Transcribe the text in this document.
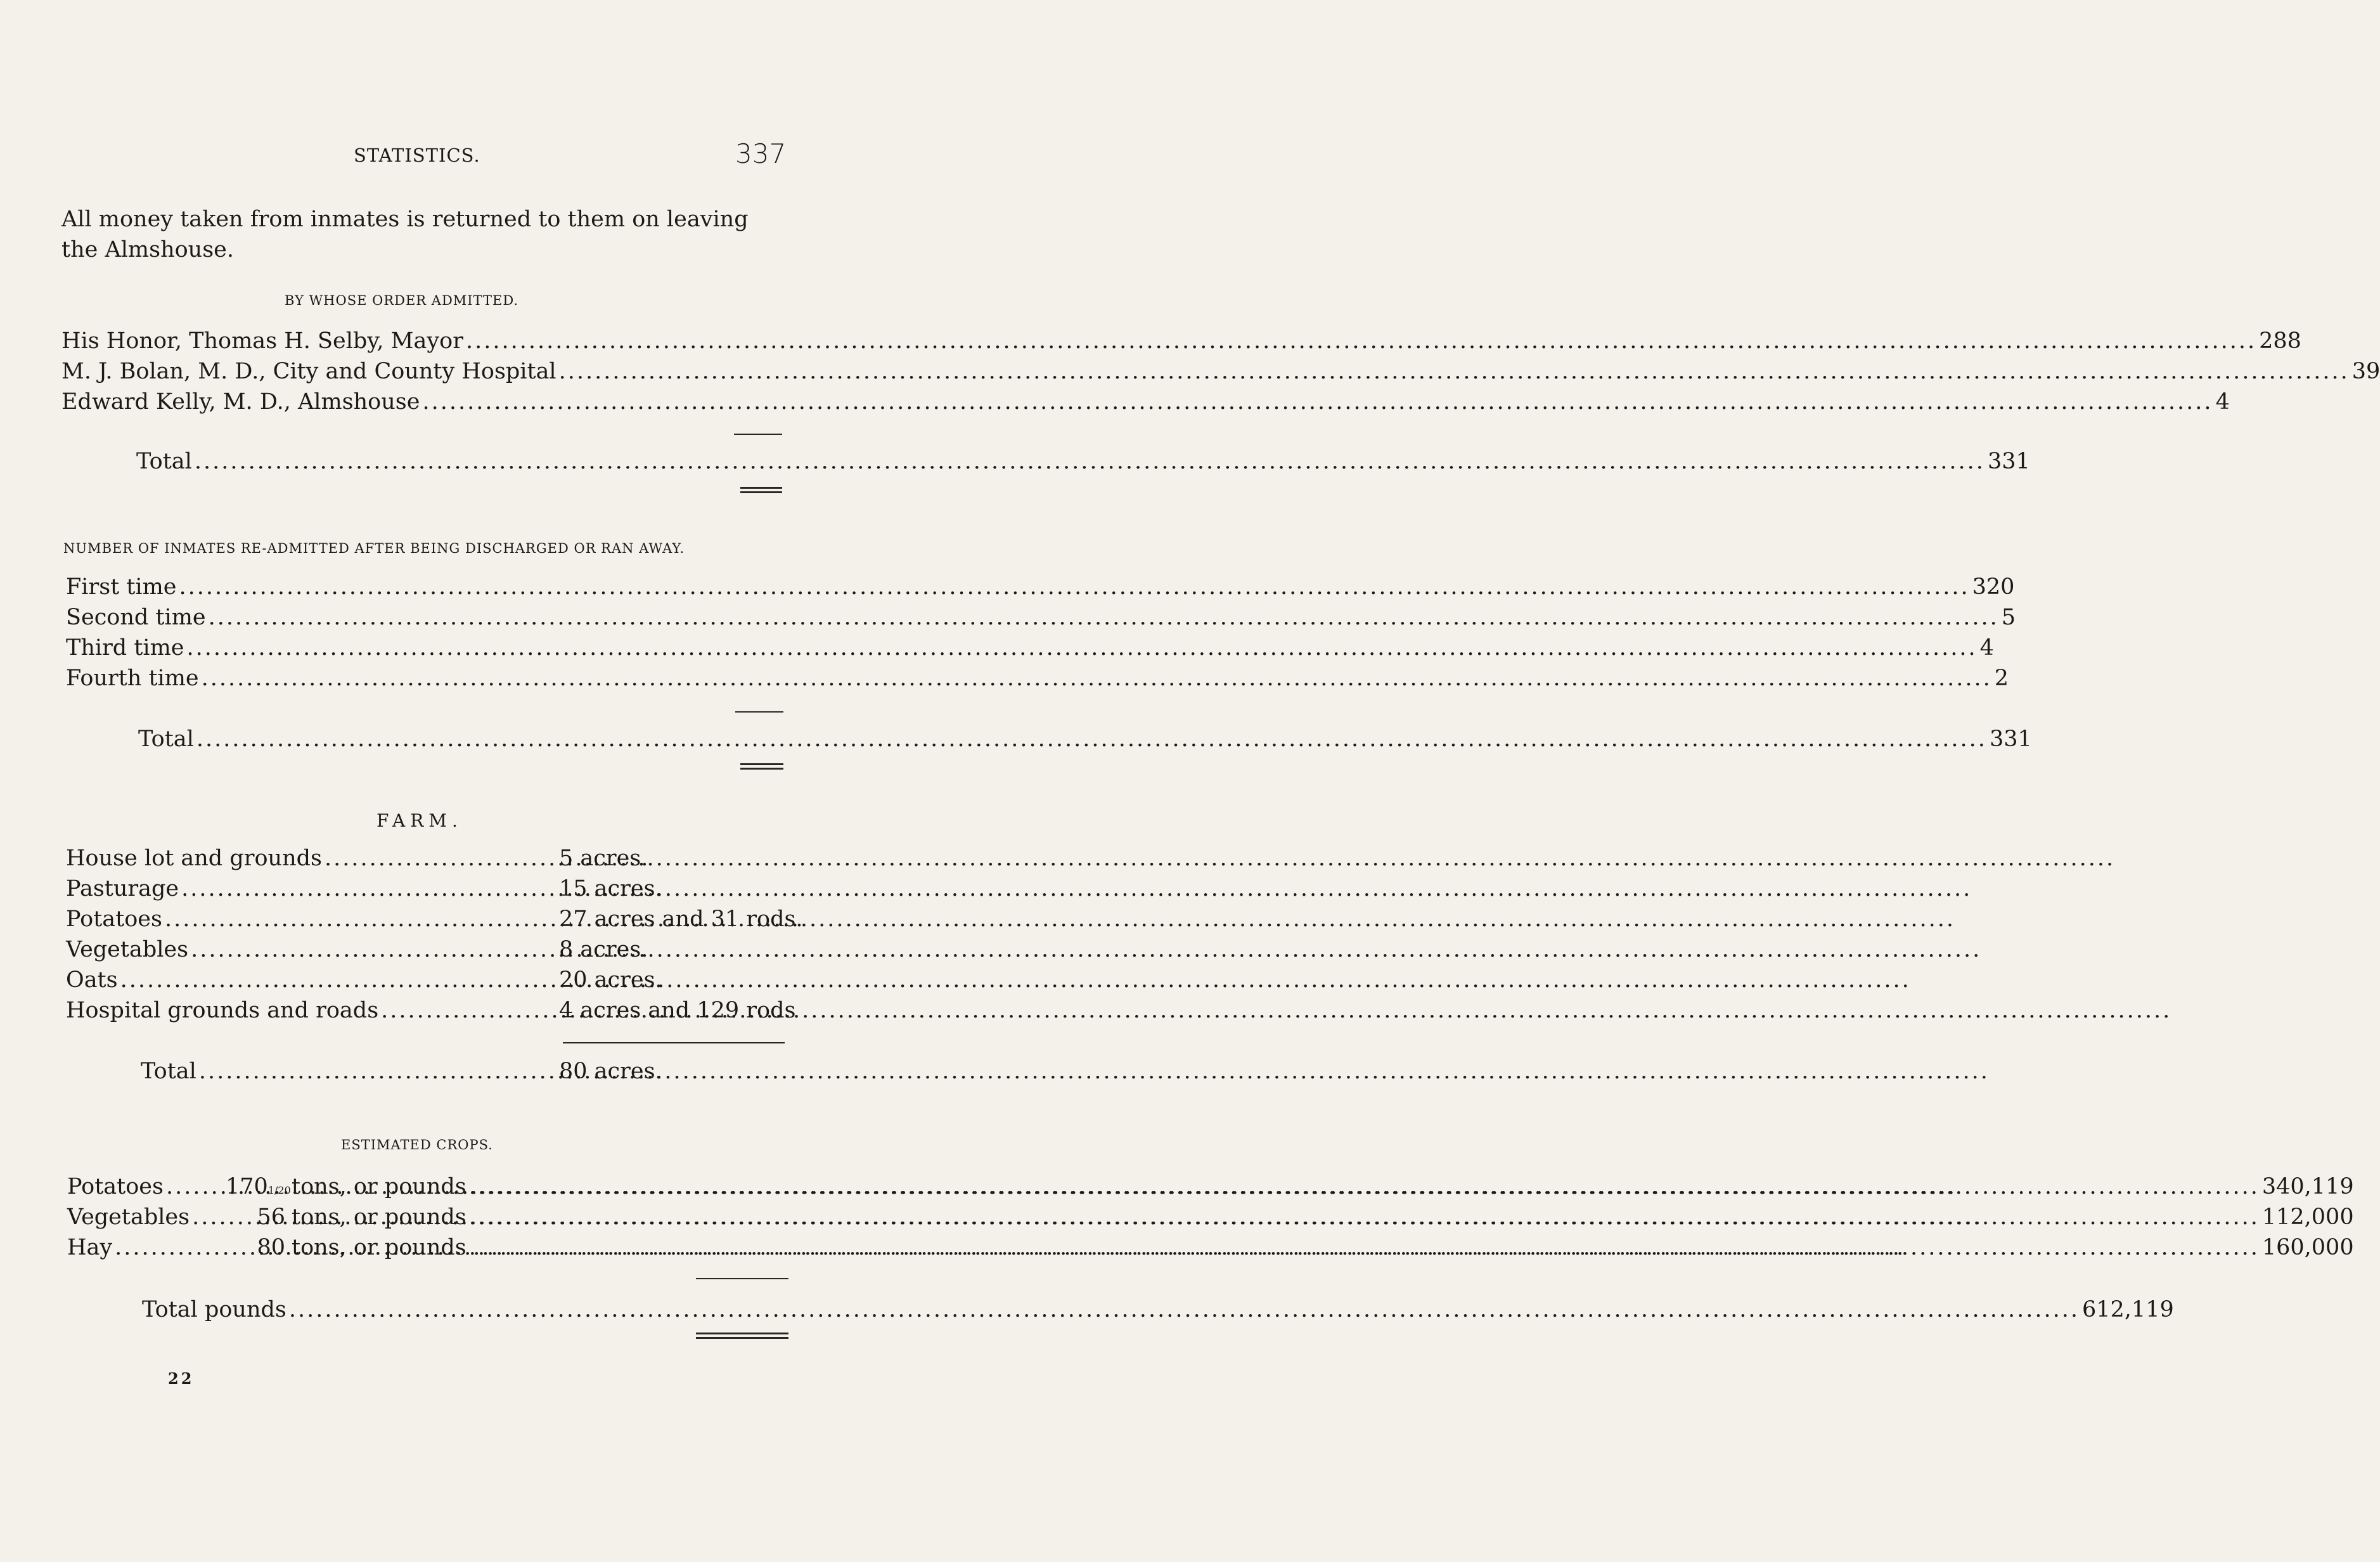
STATISTICS.	337
All money taken from inmates is returned to them on leaving
the Almshouse.
BY WHOSE ORDER ADMITTED.
His Honor, Thomas H. Selby, Mayor .....	288
M. J. Bolan, M. D., City and County Hospital .....	39
Edward Kelly, M. D., Almshouse .....	4
Total .....	331
NUMBER OF INMATES RE-ADMITTED AFTER BEING DISCHARGED OR RAN AWAY.
First time .....	320
Second time .....	5
Third time .....	4
Fourth time .....	2
Total .....	331
FARM.
House lot and grounds .....	5 acres.
Pasturage .....	15 acres.
Potatoes .....	27 acres and 31 rods.
Vegetables .....	8 acres.
Oats .....	20 acres.
Hospital grounds and roads .....	4 acres and 129 rods
Total .....	80 acres.
ESTIMATED CROPS.
Potatoes .....	1701/20 tons, or pounds .....	340,119
Vegetables .....	56 tons, or pounds .....	112,000
Hay .....	80 tons, or pounds .....	160,000
Total pounds .....	612,119
22
